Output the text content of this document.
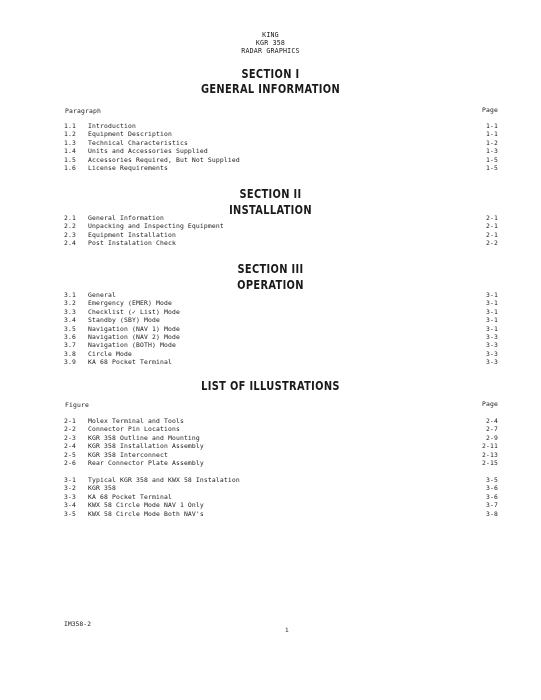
KING
KGR 358
RADAR GRAPHICS
SECTION I
GENERAL INFORMATION
Paragraph	Page
1.1 Introduction	1-1
1.2 Equipment Description	1-1
1.3 Technical Characteristics	1-2
1.4 Units and Accessories Supplied	1-3
1.5 Accessories Required, But Not Supplied	1-5
1.6 License Requirements	1-5
SECTION II
INSTALLATION
2.1 General Information	2-1
2.2 Unpacking and Inspecting Equipment	2-1
2.3 Equipment Installation	2-1
2.4 Post Instalation Check	2-2
SECTION III
OPERATION
3.1 General	3-1
3.2 Emergency (EMER) Mode	3-1
3.3 Checklist (✓ List) Mode	3-1
3.4 Standby (SBY) Mode	3-1
3.5 Navigation (NAV 1) Mode	3-1
3.6 Navigation (NAV 2) Mode	3-3
3.7 Navigation (BOTH) Mode	3-3
3.8 Circle Mode	3-3
3.9 KA 68 Pocket Terminal	3-3
LIST OF ILLUSTRATIONS
Figure	Page
2-1 Molex Terminal and Tools	2-4
2-2 Connector Pin Locations	2-7
2-3 KGR 358 Outline and Mounting	2-9
2-4 KGR 358 Installation Assembly	2-11
2-5 KGR 358 Interconnect	2-13
2-6 Rear Connector Plate Assembly	2-15
3-1 Typical KGR 358 and KWX 58 Instalation	3-5
3-2 KGR 358	3-6
3-3 KA 68 Pocket Terminal	3-6
3-4 KWX 58 Circle Mode NAV 1 Only	3-7
3-5 KWX 58 Circle Mode Both NAV's	3-8
IM358-2
i
